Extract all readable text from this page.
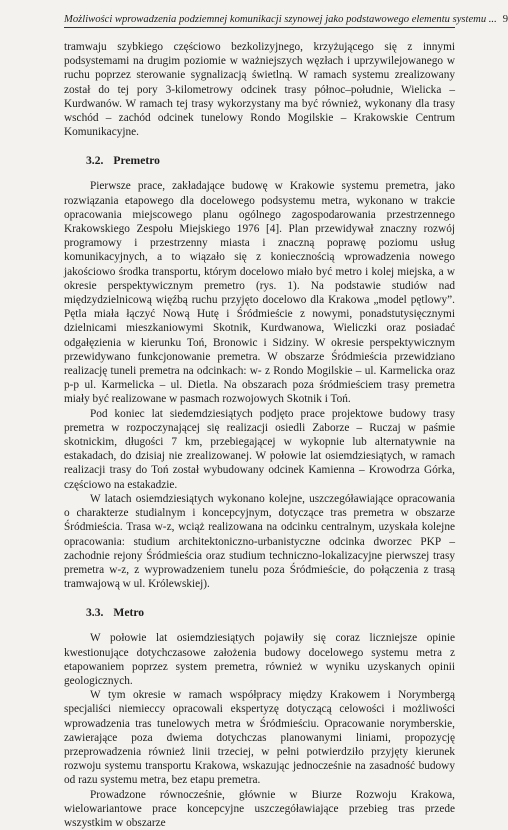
Możliwości wprowadzenia podziemnej komunikacji szynowej jako podstawowego elementu systemu ... 9

tramwaju szybkiego częściowo bezkolizyjnego, krzyżującego się z innymi podsystemami na drugim poziomie w ważniejszych węzłach i uprzywilejowanego w ruchu poprzez sterowanie sygnalizacją świetlną. W ramach systemu zrealizowany został do tej pory 3-kilometrowy odcinek trasy północ–południe, Wielicka – Kurdwanów. W ramach tej trasy wykorzystany ma być również, wykonany dla trasy wschód – zachód odcinek tunelowy Rondo Mogilskie – Krakowskie Centrum Komunikacyjne.

3.2. Premetro

Pierwsze prace, zakładające budowę w Krakowie systemu premetra, jako rozwiązania etapowego dla docelowego podsystemu metra, wykonano w trakcie opracowania miejscowego planu ogólnego zagospodarowania przestrzennego Krakowskiego Zespołu Miejskiego 1976 [4]. Plan przewidywał znaczny rozwój programowy i przestrzenny miasta i znaczną poprawę poziomu usług komunikacyjnych, a to wiązało się z koniecznością wprowadzenia nowego jakościowo środka transportu, którym docelowo miało być metro i kolej miejska, a w okresie perspektywicznym premetro (rys. 1). Na podstawie studiów nad międzydzielnicową więźbą ruchu przyjęto docelowo dla Krakowa „model pętlowy”. Pętla miała łączyć Nową Hutę i Śródmieście z nowymi, ponadstutysięcznymi dzielnicami mieszkaniowymi Skotnik, Kurdwanowa, Wieliczki oraz posiadać odgałęzienia w kierunku Toń, Bronowic i Sidziny. W okresie perspektywicznym przewidywano funkcjonowanie premetra. W obszarze Śródmieścia przewidziano realizację tuneli premetra na odcinkach: w- z Rondo Mogilskie – ul. Karmelicka oraz p-p ul. Karmelicka – ul. Dietla. Na obszarach poza śródmieściem trasy premetra miały być realizowane w pasmach rozwojowych Skotnik i Toń.

Pod koniec lat siedemdziesiątych podjęto prace projektowe budowy trasy premetra w rozpoczynającej się realizacji osiedli Zaborze – Ruczaj w paśmie skotnickim, długości 7 km, przebiegającej w wykopnie lub alternatywnie na estakadach, do dzisiaj nie zrealizowanej. W połowie lat osiemdziesiątych, w ramach realizacji trasy do Toń został wybudowany odcinek Kamienna – Krowodrza Górka, częściowo na estakadzie.

W latach osiemdziesiątych wykonano kolejne, uszczegóławiające opracowania o charakterze studialnym i koncepcyjnym, dotyczące tras premetra w obszarze Śródmieścia. Trasa w-z, wciąż realizowana na odcinku centralnym, uzyskała kolejne opracowania: studium architektoniczno-urbanistyczne odcinka dworzec PKP – zachodnie rejony Śródmieścia oraz studium techniczno-lokalizacyjne pierwszej trasy premetra w-z, z wyprowadzeniem tunelu poza Śródmieście, do połączenia z trasą tramwajową w ul. Królewskiej).

3.3. Metro

W połowie lat osiemdziesiątych pojawiły się coraz liczniejsze opinie kwestionujące dotychczasowe założenia budowy docelowego systemu metra z etapowaniem poprzez system premetra, również w wyniku uzyskanych opinii geologicznych.

W tym okresie w ramach współpracy między Krakowem i Norymbergą specjaliści niemieccy opracowali ekspertyzę dotyczącą celowości i możliwości wprowadzenia tras tunelowych metra w Śródmieściu. Opracowanie norymberskie, zawierające poza dwiema dotychczas planowanymi liniami, propozycję przeprowadzenia również linii trzeciej, w pełni potwierdziło przyjęty kierunek rozwoju systemu transportu Krakowa, wskazując jednocześnie na zasadność budowy od razu systemu metra, bez etapu premetra.

Prowadzone równocześnie, głównie w Biurze Rozwoju Krakowa, wielowariantowe prace koncepcyjne uszczegóławiające przebieg tras przede wszystkim w obszarze
